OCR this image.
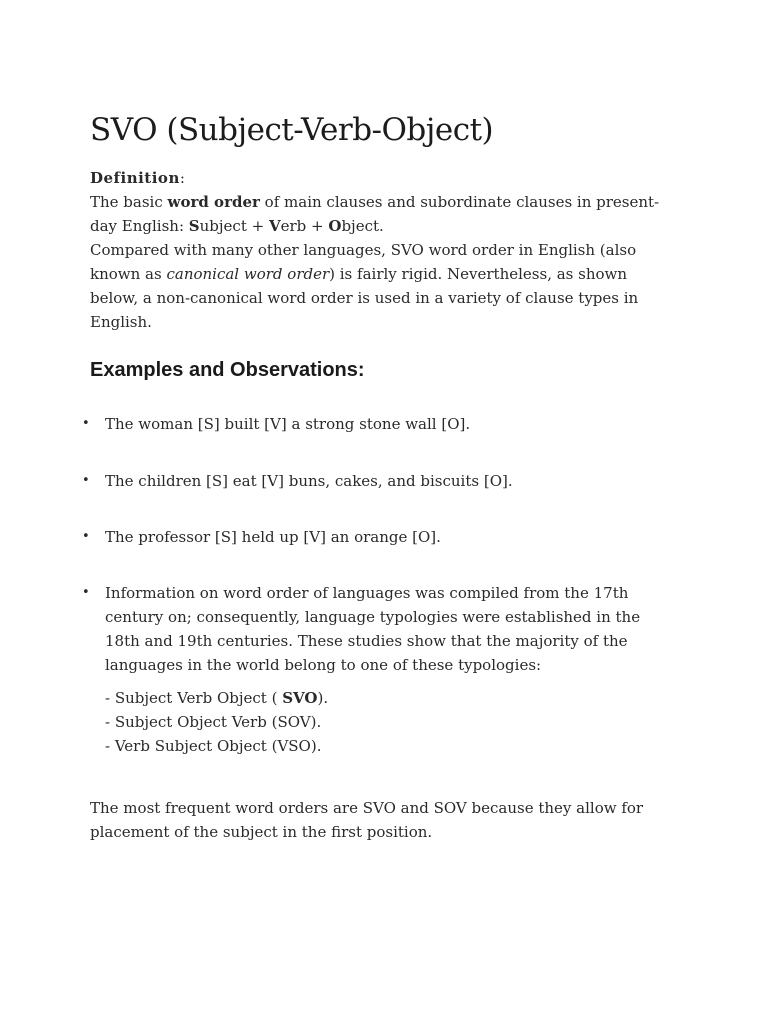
SVO (Subject-Verb-Object)
Definition:

The basic word order of main clauses and subordinate clauses in present-day English: Subject + Verb + Object.

Compared with many other languages, SVO word order in English (also known as canonical word order) is fairly rigid. Nevertheless, as shown below, a non-canonical word order is used in a variety of clause types in English.

Examples and Observations:
• The woman [S] built [V] a strong stone wall [O].
• The children [S] eat [V] buns, cakes, and biscuits [O].
• The professor [S] held up [V] an orange [O].
• Information on word order of languages was compiled from the 17th century on; consequently, language typologies were established in the 18th and 19th centuries. These studies show that the majority of the languages in the world belong to one of these typologies:
- Subject Verb Object ( SVO).
- Subject Object Verb (SOV).
- Verb Subject Object (VSO).

The most frequent word orders are SVO and SOV because they allow for placement of the subject in the first position.
